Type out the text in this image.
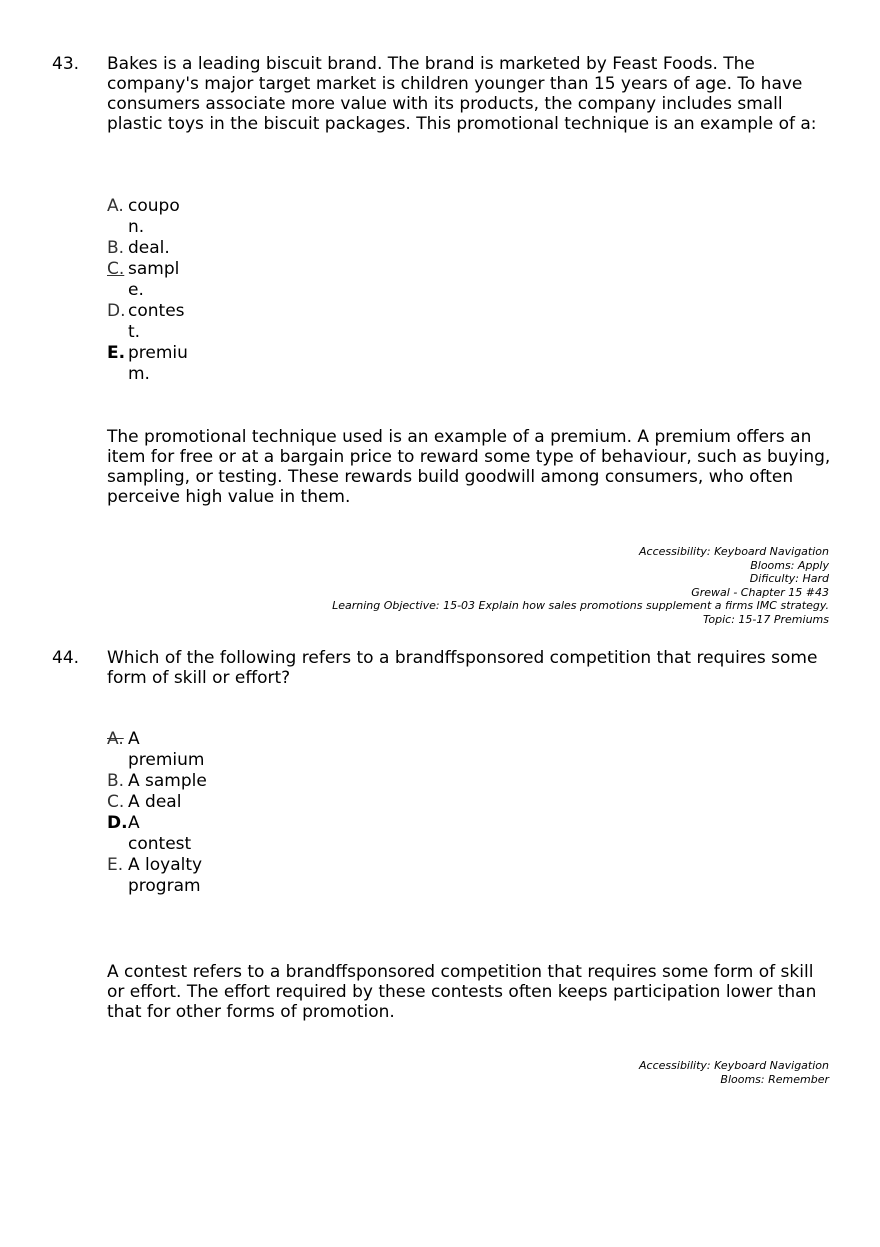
43. Bakes is a leading biscuit brand. The brand is marketed by Feast Foods. The company's major target market is children younger than 15 years of age. To have consumers associate more value with its products, the company includes small plastic toys in the biscuit packages. This promotional technique is an example of a:
A. coupon.
B. deal.
C. sample.
D. contest.
E. premium.
The promotional technique used is an example of a premium. A premium offers an item for free or at a bargain price to reward some type of behaviour, such as buying, sampling, or testing. These rewards build goodwill among consumers, who often perceive high value in them.
Accessibility: Keyboard Navigation
Blooms: Apply
Dificulty: Hard
Grewal - Chapter 15 #43
Learning Objective: 15-03 Explain how sales promotions supplement a firms IMC strategy.
Topic: 15-17 Premiums
44. Which of the following refers to a brandffsponsored competition that requires some form of skill or effort?
A. A premium
B. A sample
C. A deal
D. A contest
E. A loyalty program
A contest refers to a brandffsponsored competition that requires some form of skill or effort. The effort required by these contests often keeps participation lower than that for other forms of promotion.
Accessibility: Keyboard Navigation
Blooms: Remember
